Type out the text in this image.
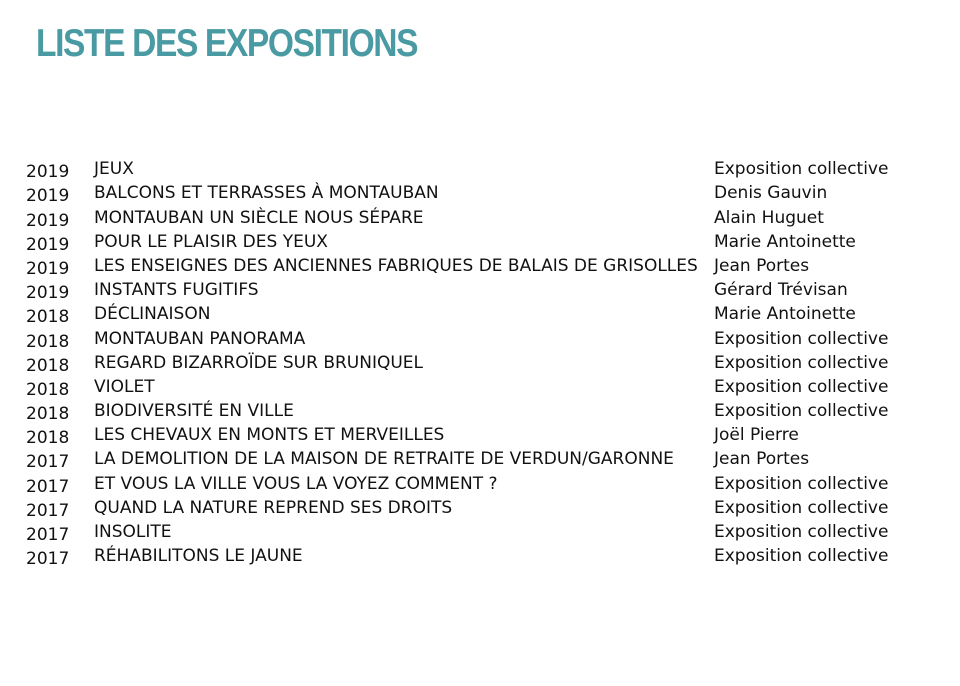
LISTE DES EXPOSITIONS
2019	JEUX	Exposition collective
2019	BALCONS ET TERRASSES À MONTAUBAN	Denis Gauvin
2019	MONTAUBAN UN SIÈCLE NOUS SÉPARE	Alain Huguet
2019	POUR LE PLAISIR DES YEUX	Marie Antoinette
2019	LES ENSEIGNES DES ANCIENNES FABRIQUES DE BALAIS DE GRISOLLES	Jean Portes
2019	INSTANTS FUGITIFS	Gérard Trévisan
2018	DÉCLINAISON	Marie Antoinette
2018	MONTAUBAN PANORAMA	Exposition collective
2018	REGARD BIZARROÏDE SUR BRUNIQUEL	Exposition collective
2018	VIOLET	Exposition collective
2018	BIODIVERSITÉ EN VILLE	Exposition collective
2018	LES CHEVAUX EN MONTS ET MERVEILLES	Joël Pierre
2017	LA DEMOLITION DE LA MAISON DE RETRAITE DE VERDUN/GARONNE	Jean Portes
2017	ET VOUS LA VILLE VOUS LA VOYEZ COMMENT ?	Exposition collective
2017	QUAND LA NATURE REPREND SES DROITS	Exposition collective
2017	INSOLITE	Exposition collective
2017	RÉHABILITONS LE JAUNE	Exposition collective
